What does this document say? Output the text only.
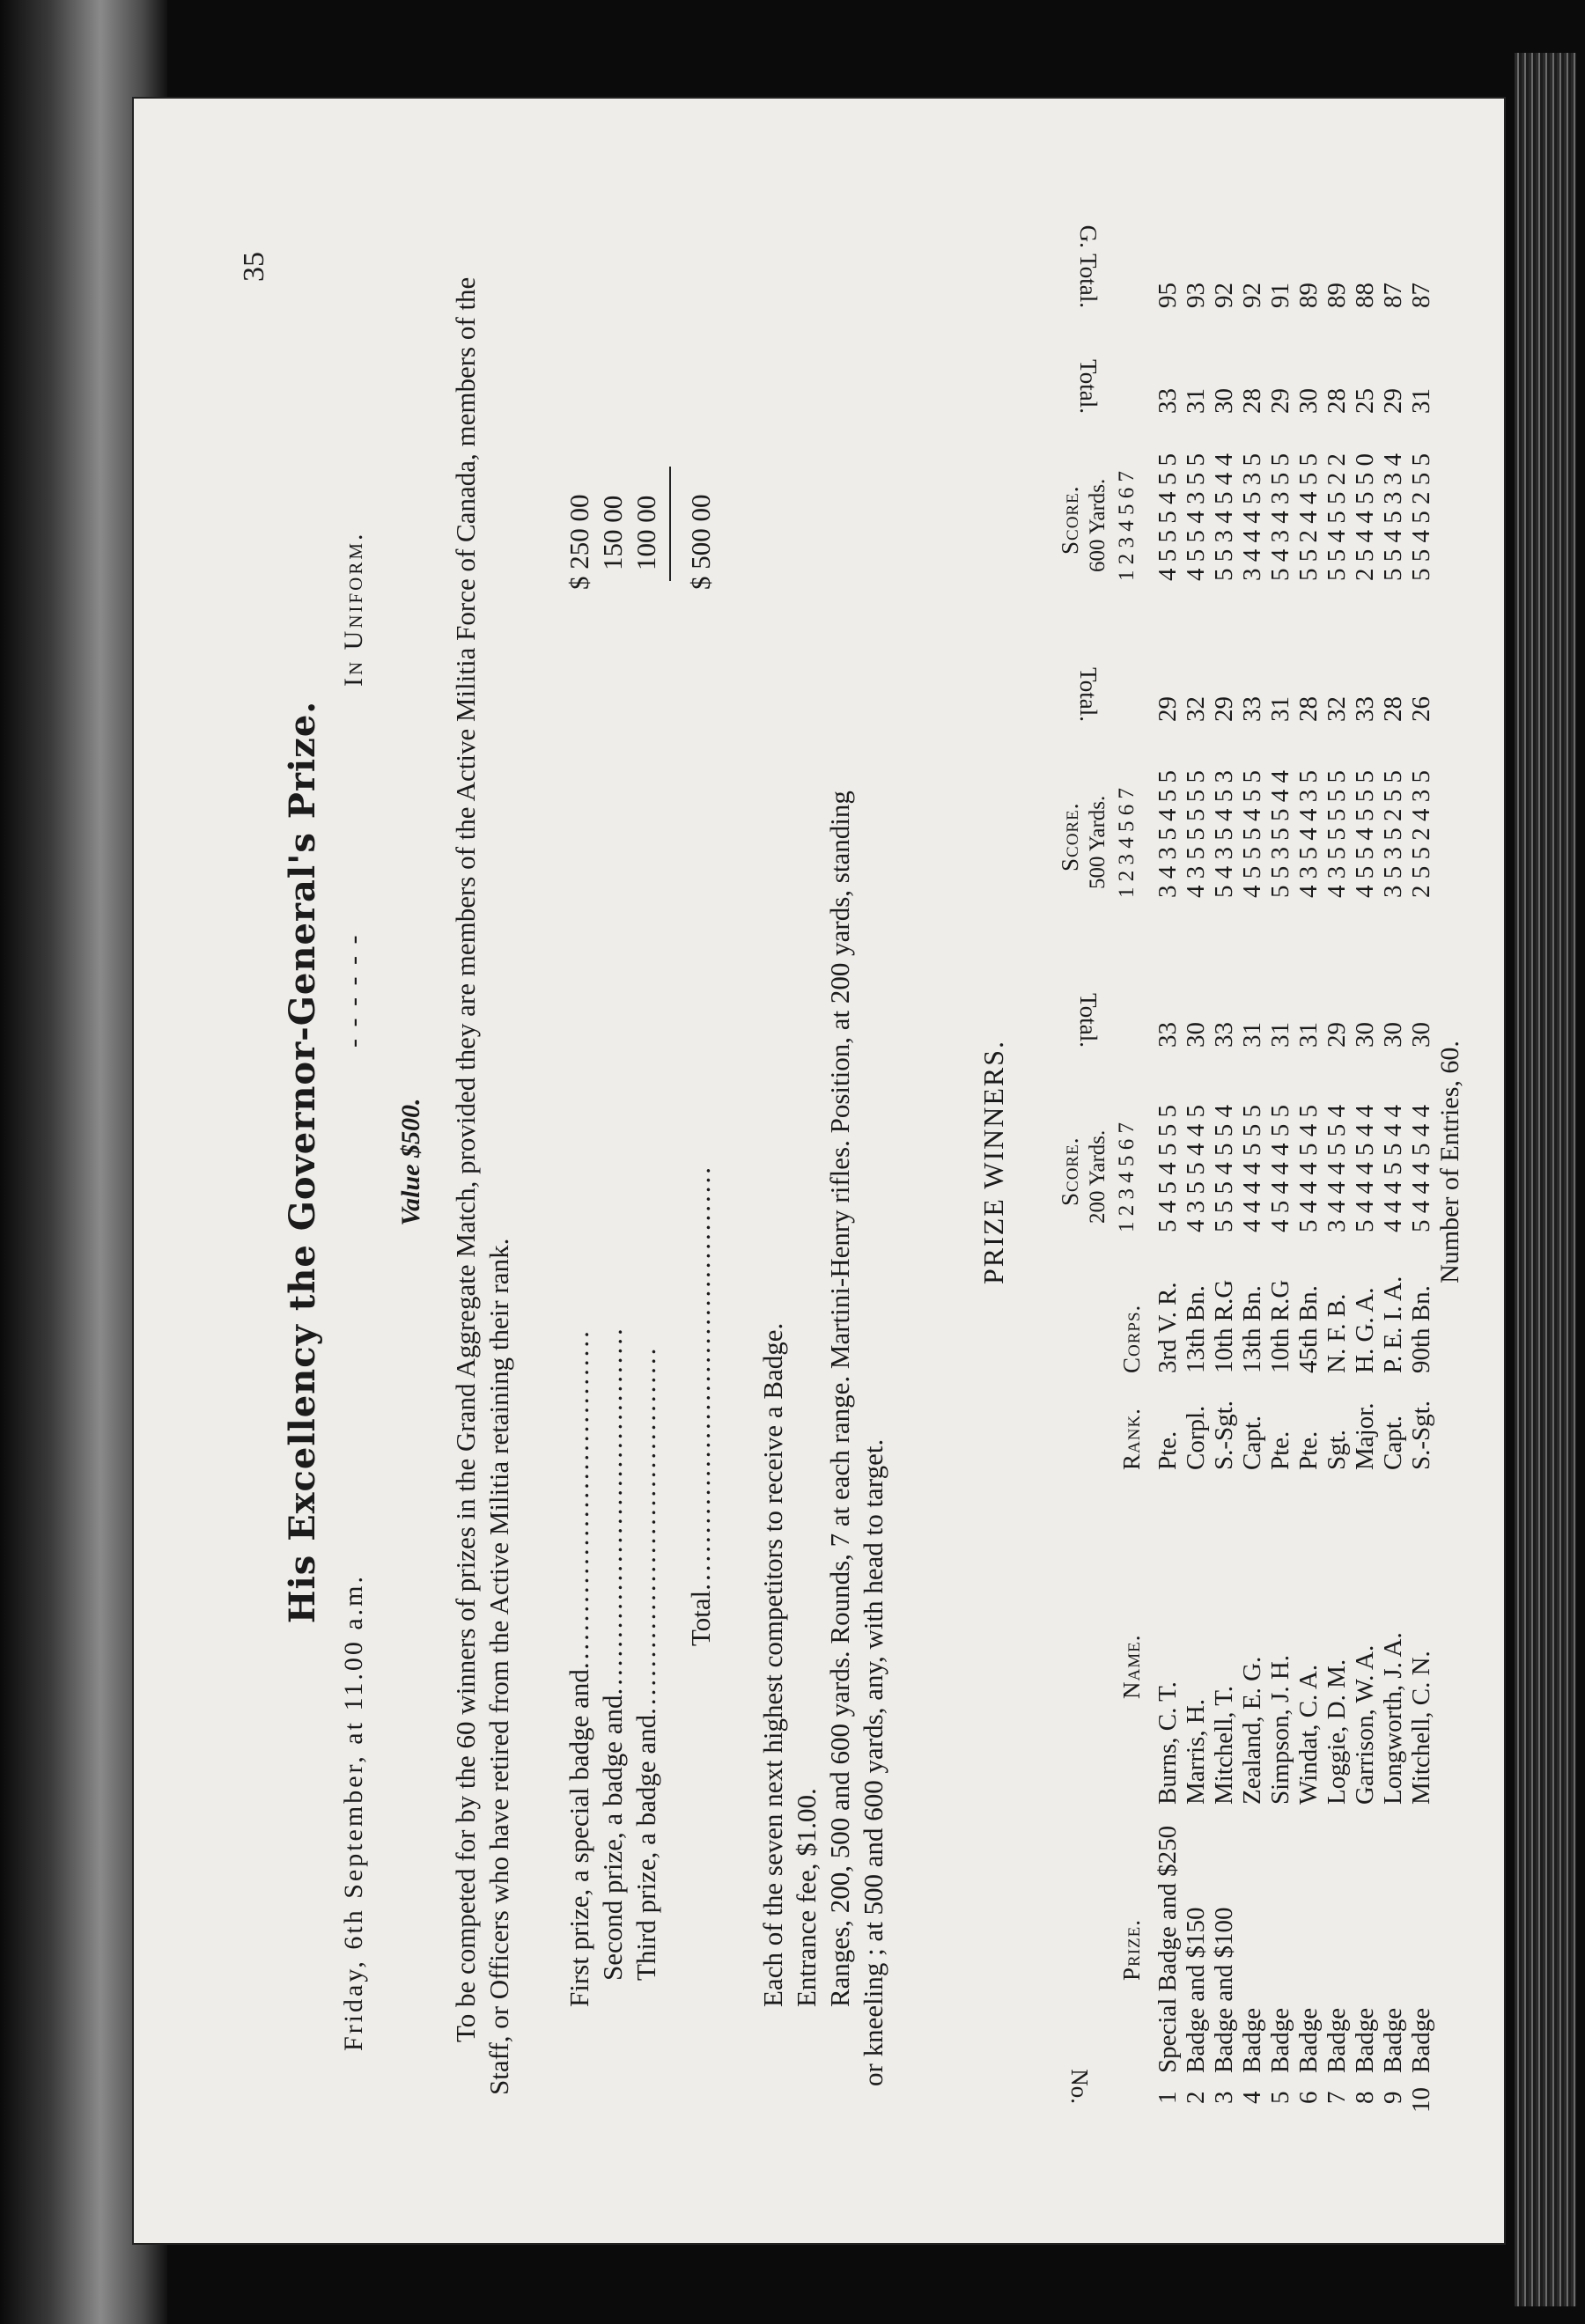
35
His Excellency the Governor-General's Prize.
Friday, 6th September, at 11.00 a.m.
- - - - - -
In Uniform.
Value $500. To be competed for by the 60 winners of prizes in the Grand Aggregate Match, provided they are members of the Active Militia Force of Canada, members of the Staff, or Officers who have retired from the Active Militia retaining their rank. First prize, a special badge and....................................
$ 250 00
Second prize, a badge and.......................................
150 00
Third prize, a badge and.......................................
100 00
Total.............................................
$ 500 00
Each of the seven next highest competitors to receive a Badge. Entrance fee, $1.00. Ranges, 200, 500 and 600 yards. Rounds, 7 at each range. Martini-Henry rifles. Position, at 200 yards, standing or kneeling ; at 500 and 600 yards, any, with head to target.
PRIZE WINNERS.
No.
Prize.
Name.
Rank.
Corps.
Score. 200 Yards. 1 2 3 4 5 6 7
Total.
Score. 500 Yards. 1 2 3 4 5 6 7
Total.
Score. 600 Yards. 1 2 3 4 5 6 7
Total.
G. Total.
1
Special Badge and $250
Burns, C. T.
Pte.
3rd V. R.
5 4 5 4 5 5 5
33
3 4 3 5 4 5 5
29
4 5 5 5 4 5 5
33
95
2
Badge and $150
Marris, H.
Corpl.
13th Bn.
4 3 5 5 4 4 5
30
4 3 5 5 5 5 5
32
4 5 5 4 3 5 5
31
93
3
Badge and $100
Mitchell, T.
S.-Sgt.
10th R.G
5 5 5 4 5 5 4
33
5 4 3 5 4 5 3
29
5 5 3 4 5 4 4
30
92
4
Badge
Zealand, E. G.
Capt.
13th Bn.
4 4 4 4 5 5 5
31
4 5 5 5 4 5 5
33
3 4 4 4 5 3 5
28
92
5
Badge
Simpson, J. H.
Pte.
10th R.G
4 5 4 4 4 5 5
31
5 5 3 5 5 4 4
31
5 4 3 4 3 5 5
29
91
6
Badge
Windat, C. A.
Pte.
45th Bn.
5 4 4 4 5 4 5
31
4 3 5 4 4 3 5
28
5 5 2 4 4 5 5
30
89
7
Badge
Loggie, D. M.
Sgt.
N. F. B.
3 4 4 4 5 5 4
29
4 3 5 5 5 5 5
32
5 5 4 5 5 2 2
28
89
8
Badge
Garrison, W. A.
Major.
H. G. A.
5 4 4 4 5 4 4
30
4 5 5 4 5 5 5
33
2 5 4 4 5 5 0
25
88
9
Badge
Longworth, J. A.
Capt.
P. E. I. A.
4 4 4 5 5 4 4
30
3 5 3 5 2 5 5
28
5 5 4 5 3 3 4
29
87
10
Badge
Mitchell, C. N.
S.-Sgt.
90th Bn.
5 4 4 4 5 4 4
30
2 5 5 2 4 3 5
26
5 5 4 5 2 5 5
31
87
Number of Entries, 60.
